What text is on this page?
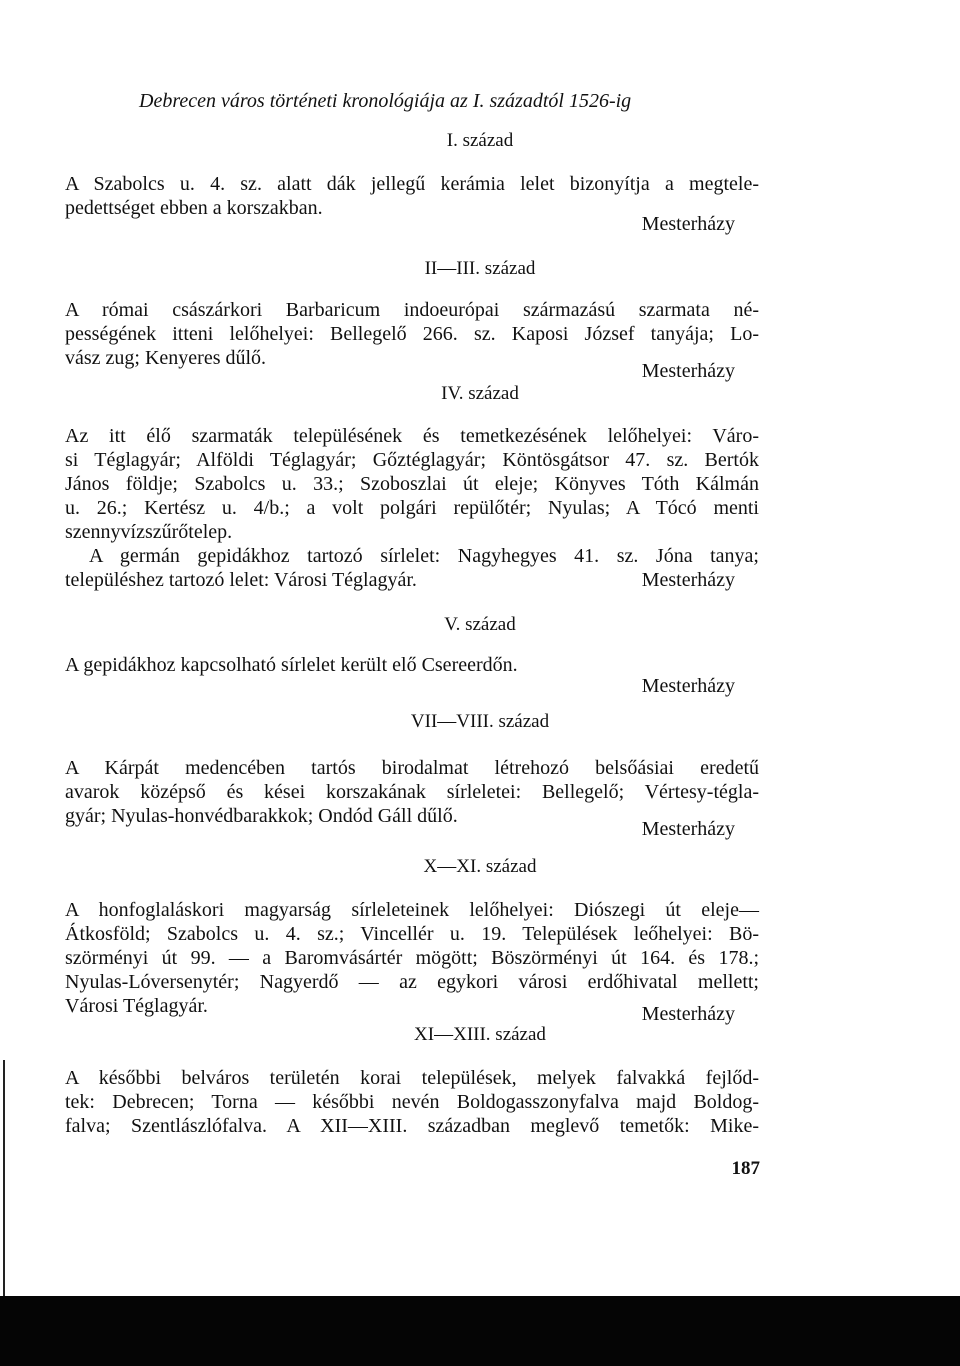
Debrecen város történeti kronológiája az I. századtól 1526-ig
I. század
A Szabolcs u. 4. sz. alatt dák jellegű kerámia lelet bizonyítja a megtele-
pedettséget ebben a korszakban.
Mesterházy
II—III. század
A római császárkori Barbaricum indoeurópai származású szarmata né-
pességének itteni lelőhelyei: Bellegelő 266. sz. Kaposi József tanyája; Lo-
vász zug; Kenyeres dűlő.
Mesterházy
IV. század
Az itt élő szarmaták településének és temetkezésének lelőhelyei: Váro-
si Téglagyár; Alföldi Téglagyár; Gőztéglagyár; Köntösgátsor 47. sz. Bertók
János földje; Szabolcs u. 33.; Szoboszlai út eleje; Könyves Tóth Kálmán
u. 26.; Kertész u. 4/b.; a volt polgári repülőtér; Nyulas; A Tócó menti
szennyvízszűrőtelep.
A germán gepidákhoz tartozó sírlelet: Nagyhegyes 41. sz. Jóna tanya;
településhez tartozó lelet: Városi Téglagyár.	Mesterházy
V. század
A gepidákhoz kapcsolható sírlelet került elő Csereerdőn.
Mesterházy
VII—VIII. század
A Kárpát medencében tartós birodalmat létrehozó belsőásiai eredetű
avarok középső és kései korszakának sírleletei: Bellegelő; Vértesy-tégla-
gyár; Nyulas-honvédbarakkok; Ondód Gáll dűlő.
Mesterházy
X—XI. század
A honfoglaláskori magyarság sírleleteinek lelőhelyei: Diószegi út eleje—
Átkosföld; Szabolcs u. 4. sz.; Vincellér u. 19. Települések leőhelyei: Bö-
szörményi út 99. — a Baromvásártér mögött; Böszörményi út 164. és 178.;
Nyulas-Lóversenytér; Nagyerdő — az egykori városi erdőhivatal mellett;
Városi Téglagyár.	Mesterházy
XI—XIII. század
A későbbi belváros területén korai települések, melyek falvakká fejlőd-
tek: Debrecen; Torna — későbbi nevén Boldogasszonyfalva majd Boldog-
falva; Szentlászlófalva. A XII—XIII. században meglevő temetők: Mike-
187
